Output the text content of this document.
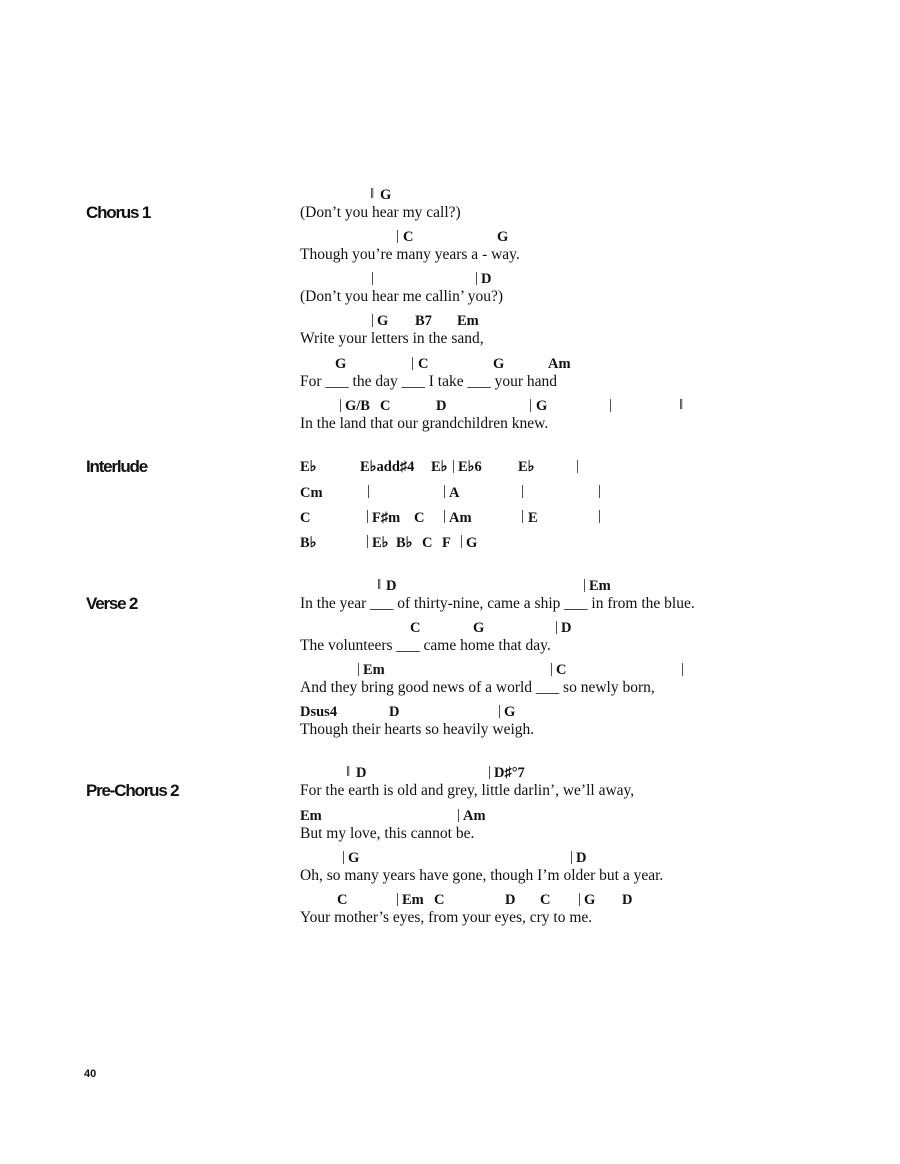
Chorus 1
‖ G
(Don’t you hear my call?)
| C	G
Though you’re many years a - way.
|	| D
(Don’t you hear me callin’ you?)
| G B7 Em
Write your letters in the sand,
G	| C	G	Am
For ___ the day ___ I take ___ your hand
| G/B C	D	| G	|	‖
In the land that our grandchildren knew.
Interlude	E♭	E♭add♯4 E♭ | E♭6 E♭	|
Cm	|	| A	|	|
C	| F♯m C | Am	| E	|
B♭	| E♭ B♭ C F | G
Verse 2
‖ D	| Em
In the year ___ of thirty-nine, came a ship ___ in from the blue.
C	G	| D
The volunteers ___ came home that day.
| Em	| C	|
And they bring good news of a world ___ so newly born,
Dsus4	D	| G
Though their hearts so heavily weigh.
Pre-Chorus 2
‖ D	| D♯°7
For the earth is old and grey, little darlin’, we’ll away,
Em	| Am
But my love, this cannot be.
| G	| D
Oh, so many years have gone, though I’m older but a year.
C	| Em C	D C | G D
Your mother’s eyes, from your eyes, cry to me.
40
